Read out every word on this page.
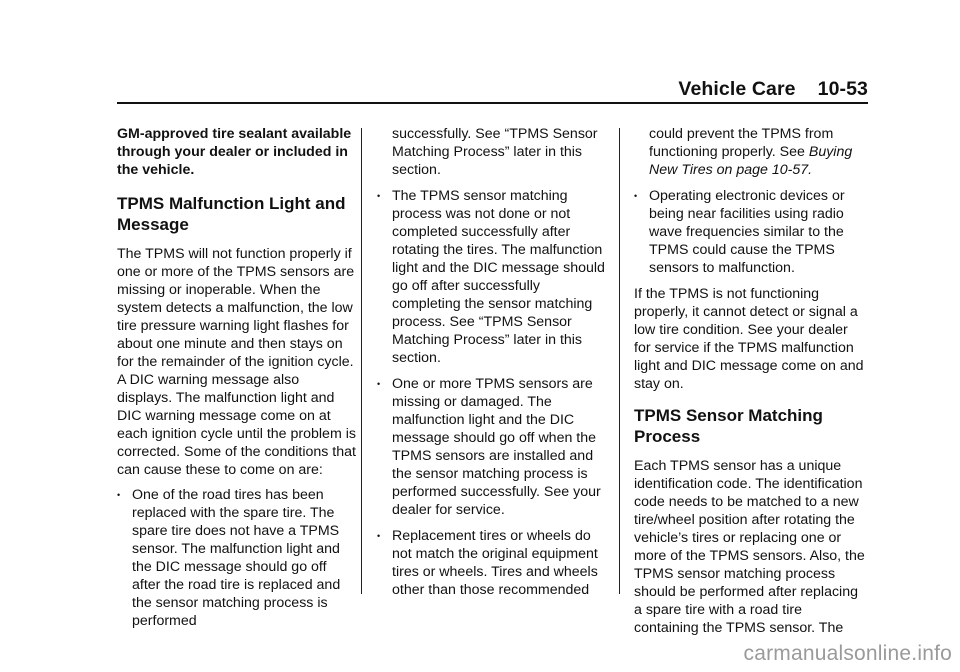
Vehicle Care 10-53

GM-approved tire sealant available through your dealer or included in the vehicle.

TPMS Malfunction Light and Message

The TPMS will not function properly if one or more of the TPMS sensors are missing or inoperable. When the system detects a malfunction, the low tire pressure warning light flashes for about one minute and then stays on for the remainder of the ignition cycle. A DIC warning message also displays. The malfunction light and DIC warning message come on at each ignition cycle until the problem is corrected. Some of the conditions that can cause these to come on are:

• One of the road tires has been replaced with the spare tire. The spare tire does not have a TPMS sensor. The malfunction light and the DIC message should go off after the road tire is replaced and the sensor matching process is performed
successfully. See “TPMS Sensor Matching Process” later in this section.
• The TPMS sensor matching process was not done or not completed successfully after rotating the tires. The malfunction light and the DIC message should go off after successfully completing the sensor matching process. See “TPMS Sensor Matching Process” later in this section.
• One or more TPMS sensors are missing or damaged. The malfunction light and the DIC message should go off when the TPMS sensors are installed and the sensor matching process is performed successfully. See your dealer for service.
• Replacement tires or wheels do not match the original equipment tires or wheels. Tires and wheels other than those recommended
could prevent the TPMS from functioning properly. See Buying New Tires on page 10-57.
• Operating electronic devices or being near facilities using radio wave frequencies similar to the TPMS could cause the TPMS sensors to malfunction.

If the TPMS is not functioning properly, it cannot detect or signal a low tire condition. See your dealer for service if the TPMS malfunction light and DIC message come on and stay on.

TPMS Sensor Matching Process

Each TPMS sensor has a unique identification code. The identification code needs to be matched to a new tire/wheel position after rotating the vehicle’s tires or replacing one or more of the TPMS sensors. Also, the TPMS sensor matching process should be performed after replacing a spare tire with a road tire containing the TPMS sensor. The

carmanualsonline.info
